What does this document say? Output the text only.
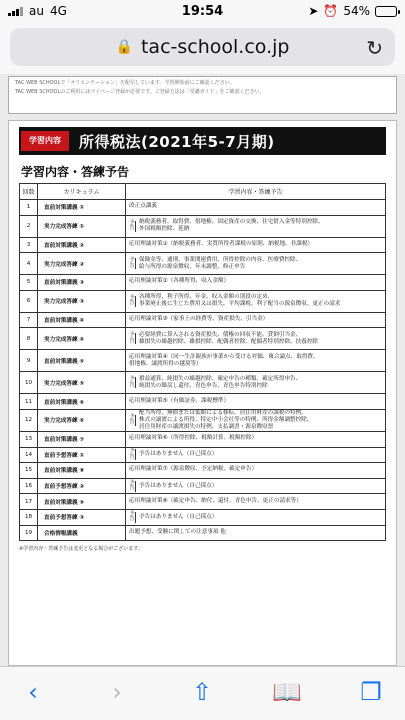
au 4G	19:54	➤ ⏰ 54%
🔒 tac-school.co.jp	↻
TAC WEB SCHOOLで「オリエンテーション」を配信しています。学習開始前にご確認ください。
TAC WEB SCHOOLのご利用にはマイページ登録が必要です。ご登録方法は「受講ガイド」をご確認ください。
学習内容	所得税法(2021年5-7月期)
学習内容・答練予告
回数	カリキュラム	学習内容・答練予告
1	直前対策講義 ①	改正点講義

2	実力完成答練 ①	予告
納税義務者、取得費、借地権、固定資産の交換、住宅借入金等特別控除、
外国税額控除、延納

3	直前対策講義 ②	応用理論対策①（納税義務者、実質所得者課税の原則、納税地、非課税）

4	実力完成答練 ②	予告
保険金等、通則、事業関連費用、所得控除の内容、医療費控除、
給与所得の源泉徴収、年末調整、修正申告

5	直前対策講義 ③	応用理論対策②（各種所得、収入金額）

6	実力完成答練 ③	予告
各種所得、利子所得、年金、収入金額の別段の定め、
事業廃止後に生じた費用又は損失、平均課税、利子配当の源泉徴収、更正の請求

7	直前対策講義 ④	応用理論対策③（家事上の経費等、資産損失、引当金）

8	実力完成答練 ④	予告
必要経費に算入される資産損失、債権の回収不能、貸倒引当金、
雑損失の繰越控除、雑損控除、配偶者控除、配偶者特別控除、扶養控除

9	直前対策講義 ⑤	応用理論対策④（同一生計親族が事業から受ける対価、複合論点、取得費、
借地権、譲渡所得の越境等）

10	実力完成答練 ⑤	予告
損益通算、純損失の繰越控除、確定申告の種類、確定所得申告、
純損失の繰戻し還付、青色申告、青色申告特別控除

11	直前対策講義 ⑥	応用理論対策⑤（有価証券、課税標準）

12	実力完成答練 ⑥	予告
配当所得、無償または低額による移転、居住用財産の課税の特例、
株式の譲渡による所得、特定中小会社等の特例、所得金額調整控除、
居住用財産の譲渡損失の特例、支払調書・源泉徴収票

13	直前対策講義 ⑦	応用理論対策⑥（所得控除、税額計算、税額控除）

14	直前予想答練 ①	予告 予告はありません（自己採点）

15	直前対策講義 ⑧	応用理論対策⑦（源泉徴収、予定納税、確定申告）

16	直前予想答練 ②	予告 予告はありません（自己採点）

17	直前対策講義 ⑨	応用理論対策⑧（確定申告、納付、還付、青色申告、更正の請求等）

18	直前予想答練 ③	予告 予告はありません（自己採点）

19	合格情報講義	出題予想、受験に関しての注意事項 他
※学習内容・答練予告は変更となる場合がございます。
‹	›	⇧	📖 ❐
